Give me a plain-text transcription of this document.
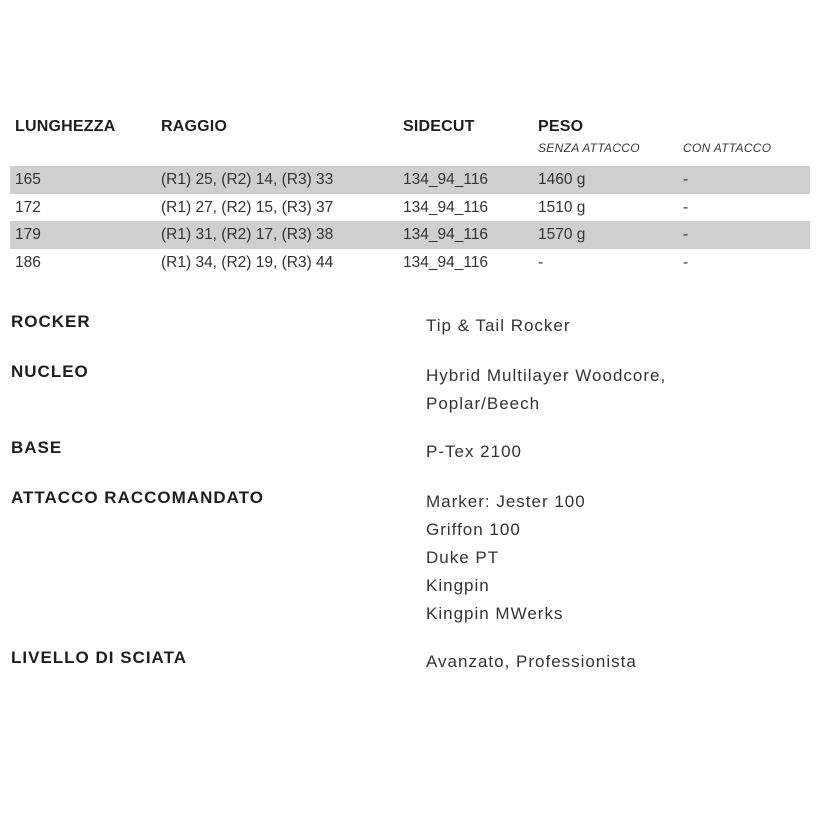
LUNGHEZZA	RAGGIO	SIDECUT	PESO
SENZA ATTACCO	CON ATTACCO
165	(R1) 25, (R2) 14, (R3) 33	134_94_116	1460 g	-
172	(R1) 27, (R2) 15, (R3) 37	134_94_116	1510 g	-
179	(R1) 31, (R2) 17, (R3) 38	134_94_116	1570 g	-
186	(R1) 34, (R2) 19, (R3) 44	134_94_116	-	-
ROCKER	Tip & Tail Rocker
NUCLEO	Hybrid Multilayer Woodcore,
Poplar/Beech
BASE	P-Tex 2100
ATTACCO RACCOMANDATO	Marker: Jester 100
Griffon 100
Duke PT
Kingpin
Kingpin MWerks
LIVELLO DI SCIATA	Avanzato, Professionista
